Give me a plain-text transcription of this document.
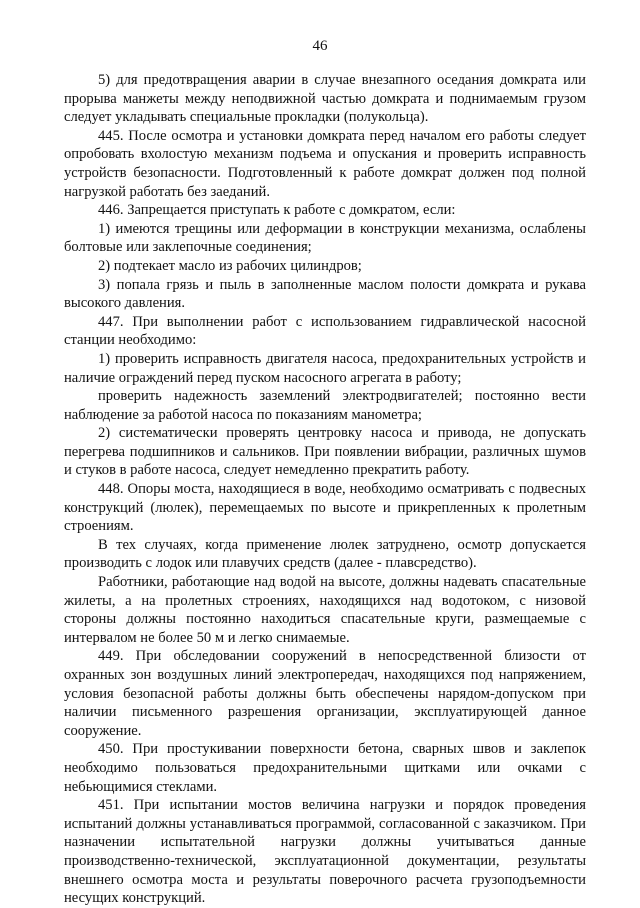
46

5) для предотвращения аварии в случае внезапного оседания домкрата или прорыва манжеты между неподвижной частью домкрата и поднимаемым грузом следует укладывать специальные прокладки (полукольца).

445. После осмотра и установки домкрата перед началом его работы следует опробовать вхолостую механизм подъема и опускания и проверить исправность устройств безопасности. Подготовленный к работе домкрат должен под полной нагрузкой работать без заеданий.

446. Запрещается приступать к работе с домкратом, если:

1) имеются трещины или деформации в конструкции механизма, ослаблены болтовые или заклепочные соединения;

2) подтекает масло из рабочих цилиндров;

3) попала грязь и пыль в заполненные маслом полости домкрата и рукава высокого давления.

447. При выполнении работ с использованием гидравлической насосной станции необходимо:

1) проверить исправность двигателя насоса, предохранительных устройств и наличие ограждений перед пуском насосного агрегата в работу;

проверить надежность заземлений электродвигателей; постоянно вести наблюдение за работой насоса по показаниям манометра;

2) систематически проверять центровку насоса и привода, не допускать перегрева подшипников и сальников. При появлении вибрации, различных шумов и стуков в работе насоса, следует немедленно прекратить работу.

448. Опоры моста, находящиеся в воде, необходимо осматривать с подвесных конструкций (люлек), перемещаемых по высоте и прикрепленных к пролетным строениям.

В тех случаях, когда применение люлек затруднено, осмотр допускается производить с лодок или плавучих средств (далее - плавсредство).

Работники, работающие над водой на высоте, должны надевать спасательные жилеты, а на пролетных строениях, находящихся над водотоком, с низовой стороны должны постоянно находиться спасательные круги, размещаемые с интервалом не более 50 м и легко снимаемые.

449. При обследовании сооружений в непосредственной близости от охранных зон воздушных линий электропередач, находящихся под напряжением, условия безопасной работы должны быть обеспечены нарядом-допуском при наличии письменного разрешения организации, эксплуатирующей данное сооружение.

450. При простукивании поверхности бетона, сварных швов и заклепок необходимо пользоваться предохранительными щитками или очками с небьющимися стеклами.

451. При испытании мостов величина нагрузки и порядок проведения испытаний должны устанавливаться программой, согласованной с заказчиком. При назначении испытательной нагрузки должны учитываться данные производственно-технической, эксплуатационной документации, результаты внешнего осмотра моста и результаты поверочного расчета грузоподъемности несущих конструкций.
